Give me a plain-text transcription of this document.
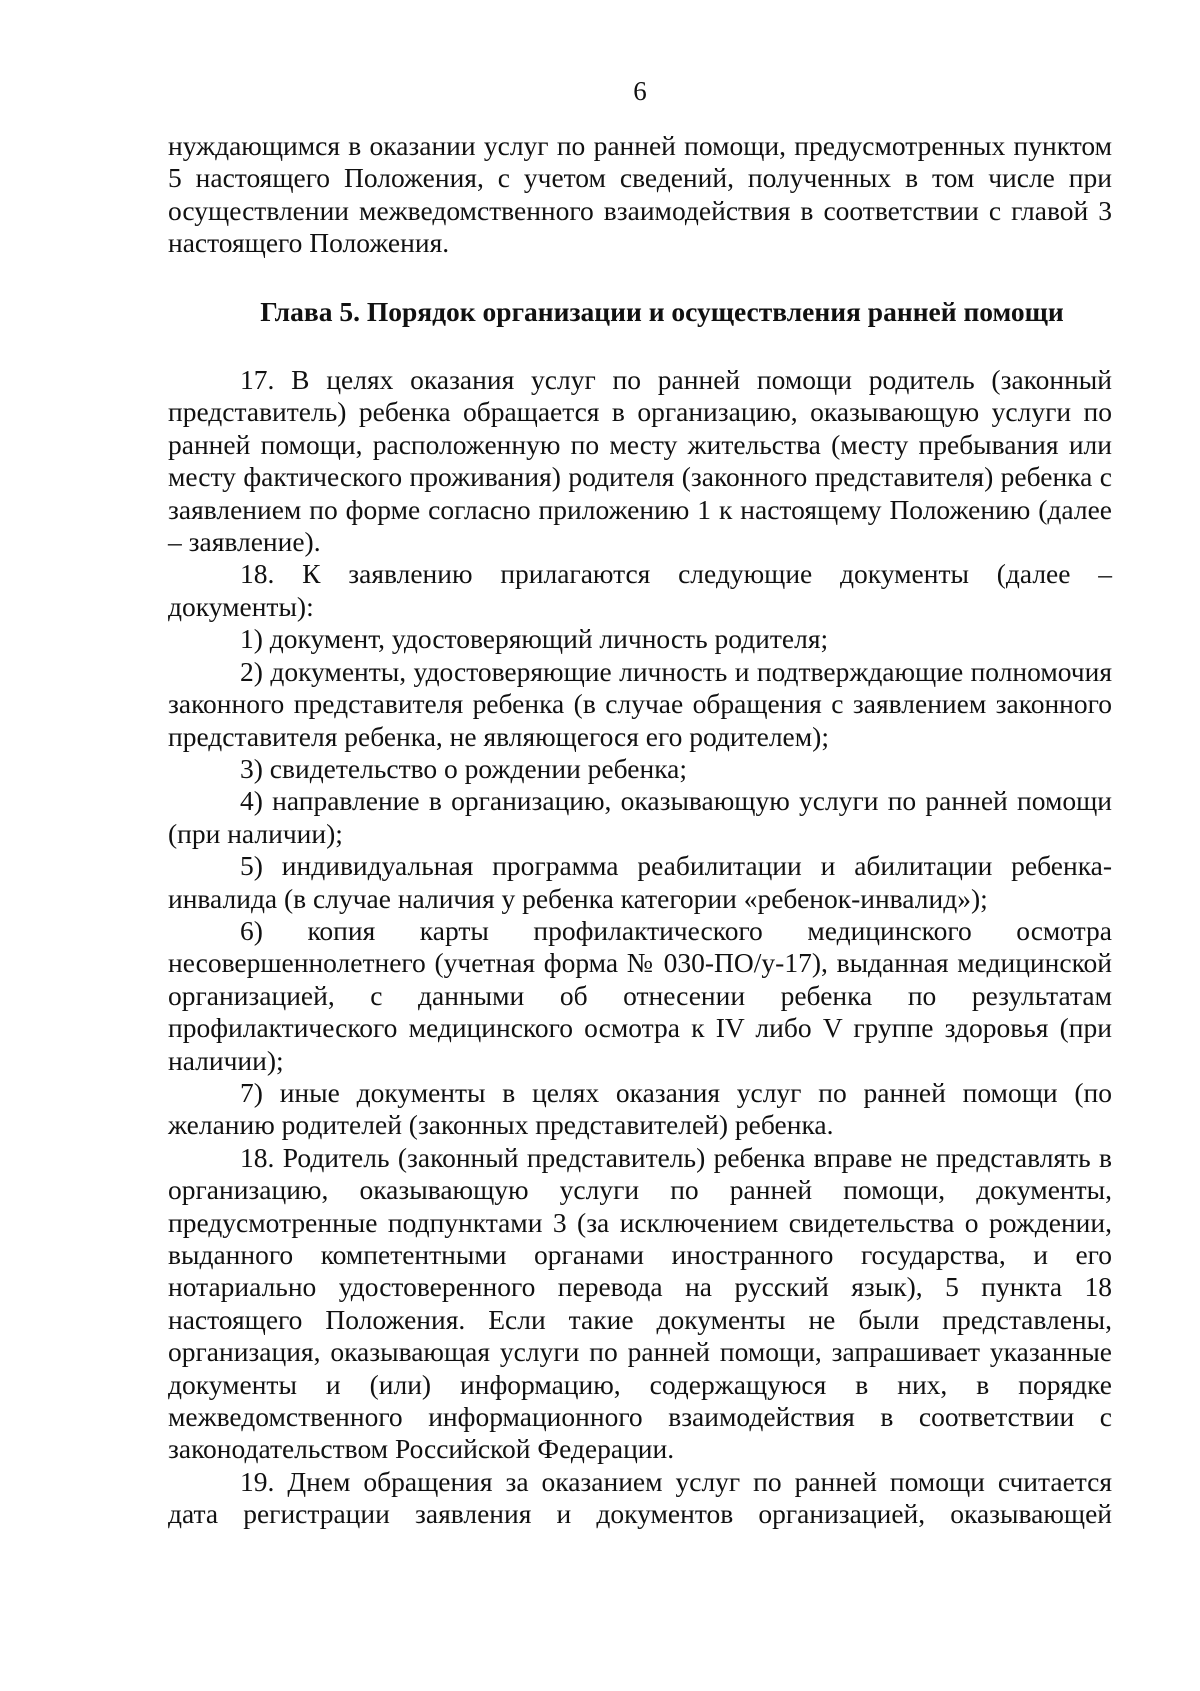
6

нуждающимся в оказании услуг по ранней помощи, предусмотренных пунктом 5 настоящего Положения, с учетом сведений, полученных в том числе при осуществлении межведомственного взаимодействия в соответствии с главой 3 настоящего Положения.

Глава 5. Порядок организации и осуществления ранней помощи

17. В целях оказания услуг по ранней помощи родитель (законный представитель) ребенка обращается в организацию, оказывающую услуги по ранней помощи, расположенную по месту жительства (месту пребывания или месту фактического проживания) родителя (законного представителя) ребенка с заявлением по форме согласно приложению 1 к настоящему Положению (далее – заявление).

18. К заявлению прилагаются следующие документы (далее – документы):

1) документ, удостоверяющий личность родителя;

2) документы, удостоверяющие личность и подтверждающие полномочия законного представителя ребенка (в случае обращения с заявлением законного представителя ребенка, не являющегося его родителем);

3) свидетельство о рождении ребенка;

4) направление в организацию, оказывающую услуги по ранней помощи (при наличии);

5) индивидуальная программа реабилитации и абилитации ребенка-инвалида (в случае наличия у ребенка категории «ребенок-инвалид»);

6) копия карты профилактического медицинского осмотра несовершеннолетнего (учетная форма № 030-ПО/у-17), выданная медицинской организацией, с данными об отнесении ребенка по результатам профилактического медицинского осмотра к IV либо V группе здоровья (при наличии);

7) иные документы в целях оказания услуг по ранней помощи (по желанию родителей (законных представителей) ребенка.

18. Родитель (законный представитель) ребенка вправе не представлять в организацию, оказывающую услуги по ранней помощи, документы, предусмотренные подпунктами 3 (за исключением свидетельства о рождении, выданного компетентными органами иностранного государства, и его нотариально удостоверенного перевода на русский язык), 5 пункта 18 настоящего Положения. Если такие документы не были представлены, организация, оказывающая услуги по ранней помощи, запрашивает указанные документы и (или) информацию, содержащуюся в них, в порядке межведомственного информационного взаимодействия в соответствии с законодательством Российской Федерации.

19. Днем обращения за оказанием услуг по ранней помощи считается дата регистрации заявления и документов организацией, оказывающей
